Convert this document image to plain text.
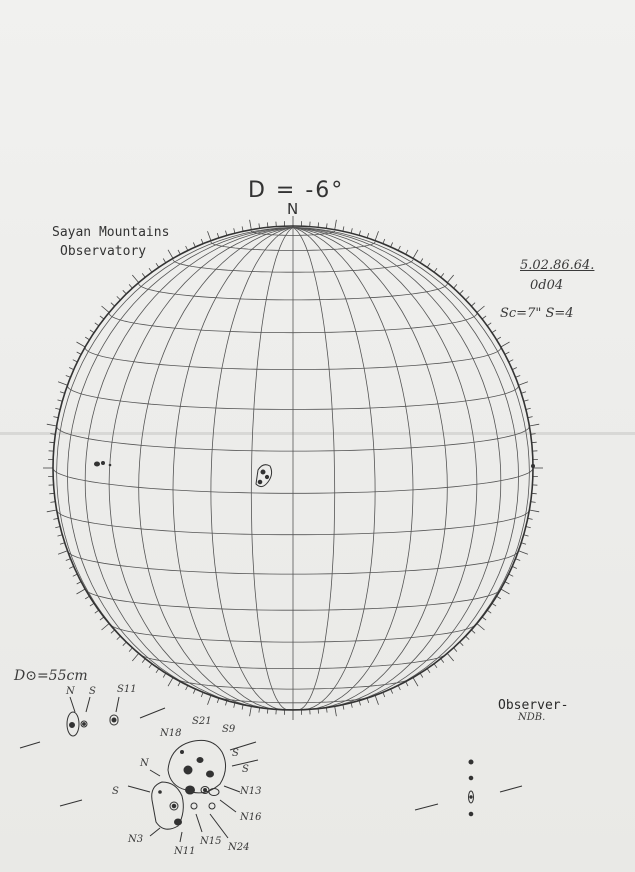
D = -6°
N
Sayan Mountains
Observatory
5.02.86.64.
0d04
Sc=7" S=4
D⊙=55cm
Observer-
NDB.
N S S11
N18
S21
S9
N
S
S
N13
N16
N24
N15
N11
N3
S
